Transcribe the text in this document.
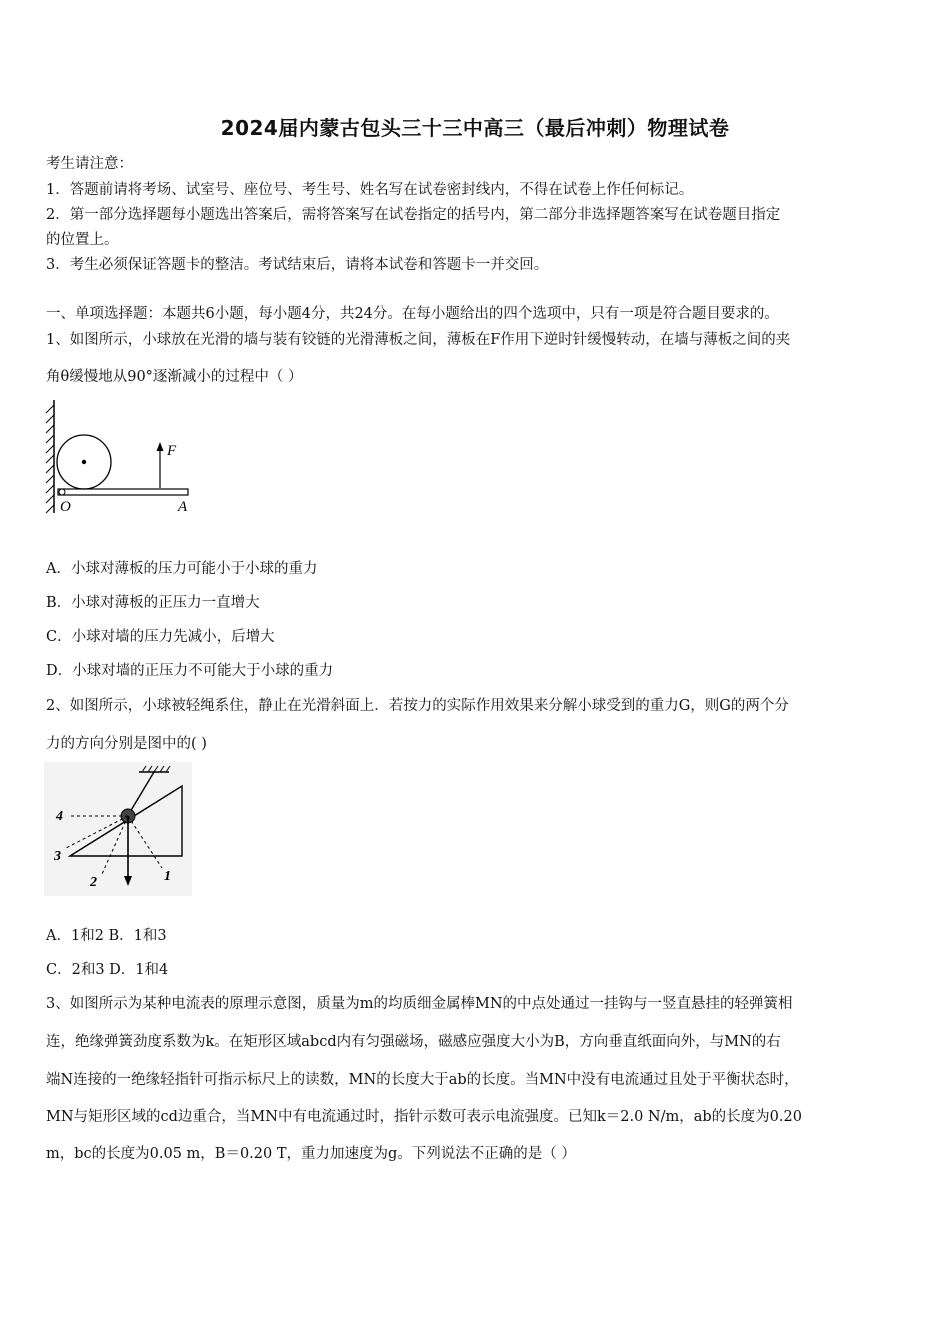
2024届内蒙古包头三十三中高三（最后冲刺）物理试卷
考生请注意：
1．答题前请将考场、试室号、座位号、考生号、姓名写在试卷密封线内，不得在试卷上作任何标记。
2．第一部分选择题每小题选出答案后，需将答案写在试卷指定的括号内，第二部分非选择题答案写在试卷题目指定
的位置上。
3．考生必须保证答题卡的整洁。考试结束后，请将本试卷和答题卡一并交回。
一、单项选择题：本题共6小题，每小题4分，共24分。在每小题给出的四个选项中，只有一项是符合题目要求的。
1、如图所示，小球放在光滑的墙与装有铰链的光滑薄板之间，薄板在F作用下逆时针缓慢转动，在墙与薄板之间的夹
角θ缓慢地从90°逐渐减小的过程中（ ）
F
O	A
A．小球对薄板的压力可能小于小球的重力
B．小球对薄板的正压力一直增大
C．小球对墙的压力先减小，后增大
D．小球对墙的正压力不可能大于小球的重力
2、如图所示，小球被轻绳系住，静止在光滑斜面上．若按力的实际作用效果来分解小球受到的重力G，则G的两个分
力的方向分别是图中的( )
4
3
2	1
A．1和2 B．1和3
C．2和3 D．1和4
3、如图所示为某种电流表的原理示意图，质量为m的均质细金属棒MN的中点处通过一挂钩与一竖直悬挂的轻弹簧相
连，绝缘弹簧劲度系数为k。在矩形区域abcd内有匀强磁场，磁感应强度大小为B，方向垂直纸面向外，与MN的右
端N连接的一绝缘轻指针可指示标尺上的读数，MN的长度大于ab的长度。当MN中没有电流通过且处于平衡状态时，
MN与矩形区域的cd边重合，当MN中有电流通过时，指针示数可表示电流强度。已知k＝2.0 N/m，ab的长度为0.20
m，bc的长度为0.05 m，B＝0.20 T，重力加速度为g。下列说法不正确的是（ ）
